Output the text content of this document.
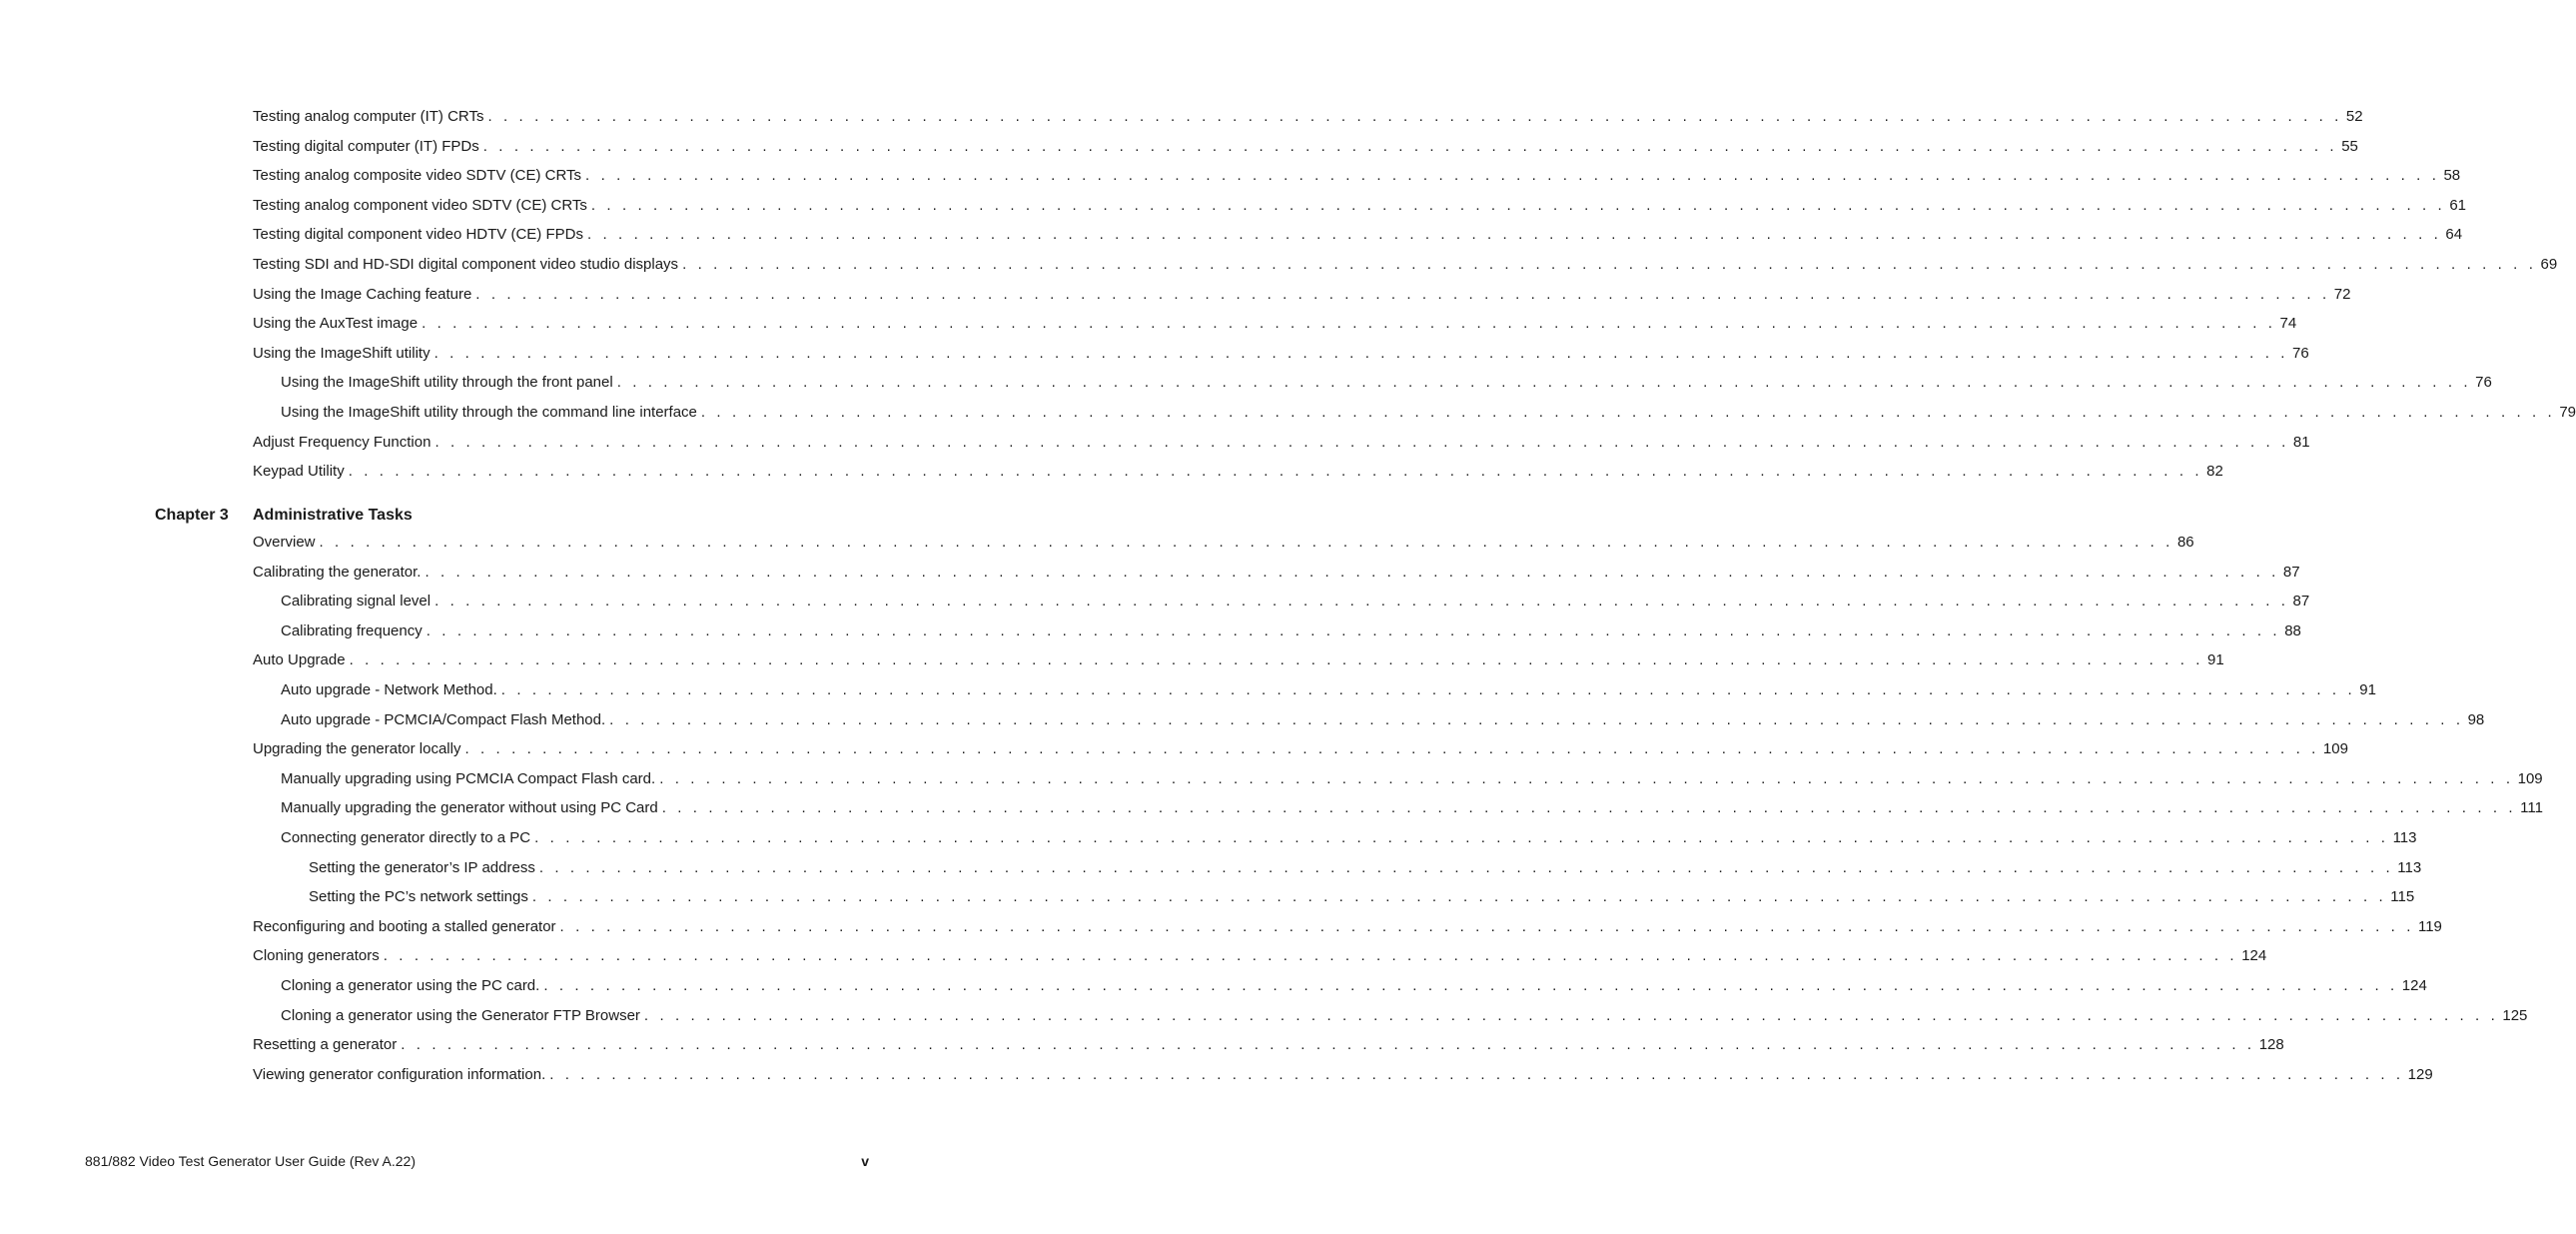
Testing analog computer (IT) CRTs . . . . . . . . . . . . . . . . . . . . . . . . . . . . . . . . . . . . . . . . . . . . . . . . . . . . . . . . . . . . . . . . . . . . . . . . . . . . . . . . . . . . . . . . . . . . . . . . . . . . . . . . . . . . . . . . . . . . . . . . 52
Testing digital computer (IT) FPDs . . . . . . . . . . . . . . . . . . . . . . . . . . . . . . . . . . . . . . . . . . . . . . . . . . . . . . . . . . . . . . . . . . . . . . . . . . . . . . . . . . . . . . . . . . . . . . . . . . . . . . . . . . . . . . . . . . . . . . . . 55
Testing analog composite video SDTV (CE) CRTs . . . . . . . . . . . . . . . . . . . . . . . . . . . . . . . . . . . . . . . . . . . . . . . . . . . . . . . . . . . . . . . . . . . . . . . . . . . . . . . . . . . . . . . . . . . . . . . . . . . . . . . . . . . . . . . . . . . . . . . . 58
Testing analog component video SDTV (CE) CRTs . . . . . . . . . . . . . . . . . . . . . . . . . . . . . . . . . . . . . . . . . . . . . . . . . . . . . . . . . . . . . . . . . . . . . . . . . . . . . . . . . . . . . . . . . . . . . . . . . . . . . . . . . . . . . . . . . . . . . . . . 61
Testing digital component video HDTV (CE) FPDs . . . . . . . . . . . . . . . . . . . . . . . . . . . . . . . . . . . . . . . . . . . . . . . . . . . . . . . . . . . . . . . . . . . . . . . . . . . . . . . . . . . . . . . . . . . . . . . . . . . . . . . . . . . . . . . . . . . . . . . . 64
Testing SDI and HD-SDI digital component video studio displays . . . . . . . . . . . . . . . . . . . . . . . . . . . . . . . . . . . . . . . . . . . . . . . . . . . . . . . . . . . . . . . . . . . . . . . . . . . . . . . . . . . . . . . . . . . . . . . . . . . . . . . . . . . . . . . . . . . . . . . . 69
Using the Image Caching feature . . . . . . . . . . . . . . . . . . . . . . . . . . . . . . . . . . . . . . . . . . . . . . . . . . . . . . . . . . . . . . . . . . . . . . . . . . . . . . . . . . . . . . . . . . . . . . . . . . . . . . . . . . . . . . . . . . . . . . . . 72
Using the AuxTest image . . . . . . . . . . . . . . . . . . . . . . . . . . . . . . . . . . . . . . . . . . . . . . . . . . . . . . . . . . . . . . . . . . . . . . . . . . . . . . . . . . . . . . . . . . . . . . . . . . . . . . . . . . . . . . . . . . . . . . . . 74
Using the ImageShift utility . . . . . . . . . . . . . . . . . . . . . . . . . . . . . . . . . . . . . . . . . . . . . . . . . . . . . . . . . . . . . . . . . . . . . . . . . . . . . . . . . . . . . . . . . . . . . . . . . . . . . . . . . . . . . . . . . . . . . . . . 76
Using the ImageShift utility through the front panel . . . . . . . . . . . . . . . . . . . . . . . . . . . . . . . . . . . . . . . . . . . . . . . . . . . . . . . . . . . . . . . . . . . . . . . . . . . . . . . . . . . . . . . . . . . . . . . . . . . . . . . . . . . . . . . . . . . . . . . . 76
Using the ImageShift utility through the command line interface . . . . . . . . . . . . . . . . . . . . . . . . . . . . . . . . . . . . . . . . . . . . . . . . . . . . . . . . . . . . . . . . . . . . . . . . . . . . . . . . . . . . . . . . . . . . . . . . . . . . . . . . . . . . . . . . . . . . . . . . 79
Adjust Frequency Function . . . . . . . . . . . . . . . . . . . . . . . . . . . . . . . . . . . . . . . . . . . . . . . . . . . . . . . . . . . . . . . . . . . . . . . . . . . . . . . . . . . . . . . . . . . . . . . . . . . . . . . . . . . . . . . . . . . . . . . . 81
Keypad Utility . . . . . . . . . . . . . . . . . . . . . . . . . . . . . . . . . . . . . . . . . . . . . . . . . . . . . . . . . . . . . . . . . . . . . . . . . . . . . . . . . . . . . . . . . . . . . . . . . . . . . . . . . . . . . . . . . . . . . . . . 82
Overview . . . . . . . . . . . . . . . . . . . . . . . . . . . . . . . . . . . . . . . . . . . . . . . . . . . . . . . . . . . . . . . . . . . . . . . . . . . . . . . . . . . . . . . . . . . . . . . . . . . . . . . . . . . . . . . . . . . . . . . . 86
Calibrating the generator. . . . . . . . . . . . . . . . . . . . . . . . . . . . . . . . . . . . . . . . . . . . . . . . . . . . . . . . . . . . . . . . . . . . . . . . . . . . . . . . . . . . . . . . . . . . . . . . . . . . . . . . . . . . . . . . . . . . . . . . . 87
Calibrating signal level . . . . . . . . . . . . . . . . . . . . . . . . . . . . . . . . . . . . . . . . . . . . . . . . . . . . . . . . . . . . . . . . . . . . . . . . . . . . . . . . . . . . . . . . . . . . . . . . . . . . . . . . . . . . . . . . . . . . . . . . 87
Calibrating frequency . . . . . . . . . . . . . . . . . . . . . . . . . . . . . . . . . . . . . . . . . . . . . . . . . . . . . . . . . . . . . . . . . . . . . . . . . . . . . . . . . . . . . . . . . . . . . . . . . . . . . . . . . . . . . . . . . . . . . . . . 88
Auto Upgrade . . . . . . . . . . . . . . . . . . . . . . . . . . . . . . . . . . . . . . . . . . . . . . . . . . . . . . . . . . . . . . . . . . . . . . . . . . . . . . . . . . . . . . . . . . . . . . . . . . . . . . . . . . . . . . . . . . . . . . . . 91
Auto upgrade - Network Method. . . . . . . . . . . . . . . . . . . . . . . . . . . . . . . . . . . . . . . . . . . . . . . . . . . . . . . . . . . . . . . . . . . . . . . . . . . . . . . . . . . . . . . . . . . . . . . . . . . . . . . . . . . . . . . . . . . . . . . . . 91
Auto upgrade - PCMCIA/Compact Flash Method. . . . . . . . . . . . . . . . . . . . . . . . . . . . . . . . . . . . . . . . . . . . . . . . . . . . . . . . . . . . . . . . . . . . . . . . . . . . . . . . . . . . . . . . . . . . . . . . . . . . . . . . . . . . . . . . . . . . . . . . . 98
Upgrading the generator locally . . . . . . . . . . . . . . . . . . . . . . . . . . . . . . . . . . . . . . . . . . . . . . . . . . . . . . . . . . . . . . . . . . . . . . . . . . . . . . . . . . . . . . . . . . . . . . . . . . . . . . . . . . . . . . . . . . . . . . . . 109
Manually upgrading using PCMCIA Compact Flash card. . . . . . . . . . . . . . . . . . . . . . . . . . . . . . . . . . . . . . . . . . . . . . . . . . . . . . . . . . . . . . . . . . . . . . . . . . . . . . . . . . . . . . . . . . . . . . . . . . . . . . . . . . . . . . . . . . . . . . . . . 109
Manually upgrading the generator without using PC Card . . . . . . . . . . . . . . . . . . . . . . . . . . . . . . . . . . . . . . . . . . . . . . . . . . . . . . . . . . . . . . . . . . . . . . . . . . . . . . . . . . . . . . . . . . . . . . . . . . . . . . . . . . . . . . . . . . . . . . . . 111
Connecting generator directly to a PC . . . . . . . . . . . . . . . . . . . . . . . . . . . . . . . . . . . . . . . . . . . . . . . . . . . . . . . . . . . . . . . . . . . . . . . . . . . . . . . . . . . . . . . . . . . . . . . . . . . . . . . . . . . . . . . . . . . . . . . . 113
Setting the generator’s IP address . . . . . . . . . . . . . . . . . . . . . . . . . . . . . . . . . . . . . . . . . . . . . . . . . . . . . . . . . . . . . . . . . . . . . . . . . . . . . . . . . . . . . . . . . . . . . . . . . . . . . . . . . . . . . . . . . . . . . . . . 113
Setting the PC’s network settings . . . . . . . . . . . . . . . . . . . . . . . . . . . . . . . . . . . . . . . . . . . . . . . . . . . . . . . . . . . . . . . . . . . . . . . . . . . . . . . . . . . . . . . . . . . . . . . . . . . . . . . . . . . . . . . . . . . . . . . . 115
Reconfiguring and booting a stalled generator . . . . . . . . . . . . . . . . . . . . . . . . . . . . . . . . . . . . . . . . . . . . . . . . . . . . . . . . . . . . . . . . . . . . . . . . . . . . . . . . . . . . . . . . . . . . . . . . . . . . . . . . . . . . . . . . . . . . . . . . 119
Cloning generators . . . . . . . . . . . . . . . . . . . . . . . . . . . . . . . . . . . . . . . . . . . . . . . . . . . . . . . . . . . . . . . . . . . . . . . . . . . . . . . . . . . . . . . . . . . . . . . . . . . . . . . . . . . . . . . . . . . . . . . . 124
Cloning a generator using the PC card. . . . . . . . . . . . . . . . . . . . . . . . . . . . . . . . . . . . . . . . . . . . . . . . . . . . . . . . . . . . . . . . . . . . . . . . . . . . . . . . . . . . . . . . . . . . . . . . . . . . . . . . . . . . . . . . . . . . . . . . . 124
Cloning a generator using the Generator FTP Browser . . . . . . . . . . . . . . . . . . . . . . . . . . . . . . . . . . . . . . . . . . . . . . . . . . . . . . . . . . . . . . . . . . . . . . . . . . . . . . . . . . . . . . . . . . . . . . . . . . . . . . . . . . . . . . . . . . . . . . . . 125
Resetting a generator . . . . . . . . . . . . . . . . . . . . . . . . . . . . . . . . . . . . . . . . . . . . . . . . . . . . . . . . . . . . . . . . . . . . . . . . . . . . . . . . . . . . . . . . . . . . . . . . . . . . . . . . . . . . . . . . . . . . . . . . 128
Viewing generator configuration information. . . . . . . . . . . . . . . . . . . . . . . . . . . . . . . . . . . . . . . . . . . . . . . . . . . . . . . . . . . . . . . . . . . . . . . . . . . . . . . . . . . . . . . . . . . . . . . . . . . . . . . . . . . . . . . . . . . . . . . . . 129
Chapter 3 Administrative Tasks
881/882 Video Test Generator User Guide (Rev A.22)	v
